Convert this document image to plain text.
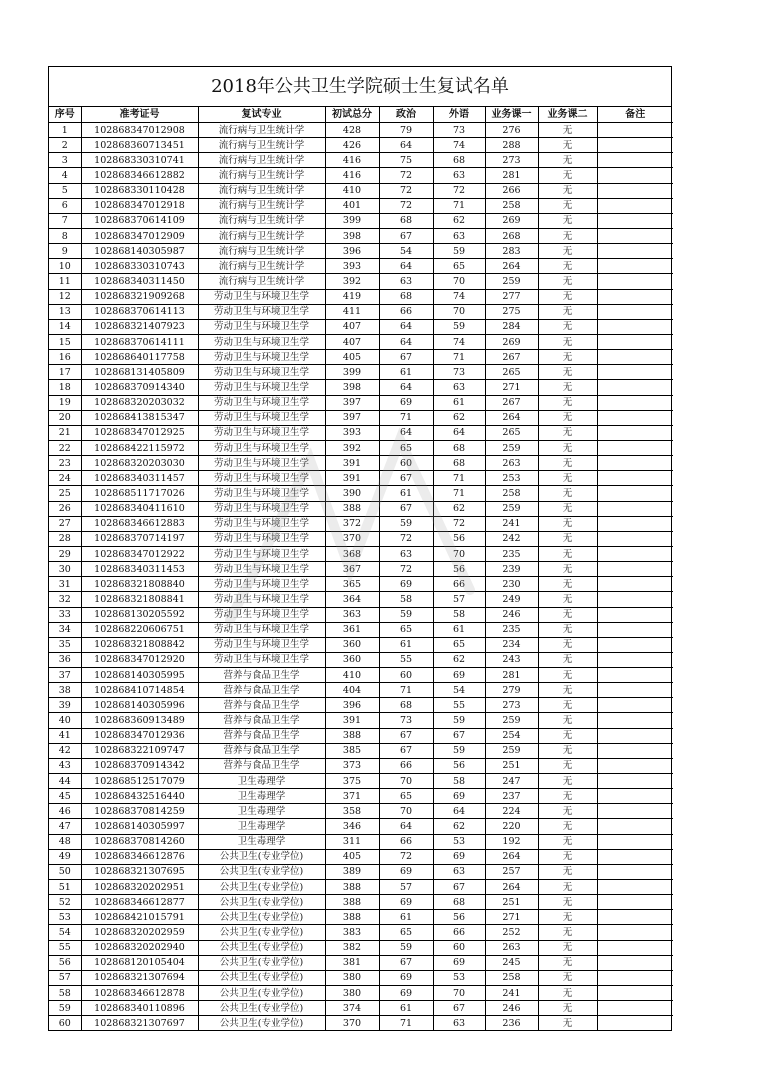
2018年公共卫生学院硕士生复试名单
序号	准考证号	复试专业	初试总分	政治	外语	业务课一	业务课二	备注
1	102868347012908	流行病与卫生统计学	428	79	73	276	无	
2	102868360713451	流行病与卫生统计学	426	64	74	288	无	
3	102868330310741	流行病与卫生统计学	416	75	68	273	无	
4	102868346612882	流行病与卫生统计学	416	72	63	281	无	
5	102868330110428	流行病与卫生统计学	410	72	72	266	无	
6	102868347012918	流行病与卫生统计学	401	72	71	258	无	
7	102868370614109	流行病与卫生统计学	399	68	62	269	无	
8	102868347012909	流行病与卫生统计学	398	67	63	268	无	
9	102868140305987	流行病与卫生统计学	396	54	59	283	无	
10	102868330310743	流行病与卫生统计学	393	64	65	264	无	
11	102868340311450	流行病与卫生统计学	392	63	70	259	无	
12	102868321909268	劳动卫生与环境卫生学	419	68	74	277	无	
13	102868370614113	劳动卫生与环境卫生学	411	66	70	275	无	
14	102868321407923	劳动卫生与环境卫生学	407	64	59	284	无	
15	102868370614111	劳动卫生与环境卫生学	407	64	74	269	无	
16	102868640117758	劳动卫生与环境卫生学	405	67	71	267	无	
17	102868131405809	劳动卫生与环境卫生学	399	61	73	265	无	
18	102868370914340	劳动卫生与环境卫生学	398	64	63	271	无	
19	102868320203032	劳动卫生与环境卫生学	397	69	61	267	无	
20	102868413815347	劳动卫生与环境卫生学	397	71	62	264	无	
21	102868347012925	劳动卫生与环境卫生学	393	64	64	265	无	
22	102868422115972	劳动卫生与环境卫生学	392	65	68	259	无	
23	102868320203030	劳动卫生与环境卫生学	391	60	68	263	无	
24	102868340311457	劳动卫生与环境卫生学	391	67	71	253	无	
25	102868511717026	劳动卫生与环境卫生学	390	61	71	258	无	
26	102868340411610	劳动卫生与环境卫生学	388	67	62	259	无	
27	102868346612883	劳动卫生与环境卫生学	372	59	72	241	无	
28	102868370714197	劳动卫生与环境卫生学	370	72	56	242	无	
29	102868347012922	劳动卫生与环境卫生学	368	63	70	235	无	
30	102868340311453	劳动卫生与环境卫生学	367	72	56	239	无	
31	102868321808840	劳动卫生与环境卫生学	365	69	66	230	无	
32	102868321808841	劳动卫生与环境卫生学	364	58	57	249	无	
33	102868130205592	劳动卫生与环境卫生学	363	59	58	246	无	
34	102868220606751	劳动卫生与环境卫生学	361	65	61	235	无	
35	102868321808842	劳动卫生与环境卫生学	360	61	65	234	无	
36	102868347012920	劳动卫生与环境卫生学	360	55	62	243	无	
37	102868140305995	营养与食品卫生学	410	60	69	281	无	
38	102868410714854	营养与食品卫生学	404	71	54	279	无	
39	102868140305996	营养与食品卫生学	396	68	55	273	无	
40	102868360913489	营养与食品卫生学	391	73	59	259	无	
41	102868347012936	营养与食品卫生学	388	67	67	254	无	
42	102868322109747	营养与食品卫生学	385	67	59	259	无	
43	102868370914342	营养与食品卫生学	373	66	56	251	无	
44	102868512517079	卫生毒理学	375	70	58	247	无	
45	102868432516440	卫生毒理学	371	65	69	237	无	
46	102868370814259	卫生毒理学	358	70	64	224	无	
47	102868140305997	卫生毒理学	346	64	62	220	无	
48	102868370814260	卫生毒理学	311	66	53	192	无	
49	102868346612876	公共卫生(专业学位)	405	72	69	264	无	
50	102868321307695	公共卫生(专业学位)	389	69	63	257	无	
51	102868320202951	公共卫生(专业学位)	388	57	67	264	无	
52	102868346612877	公共卫生(专业学位)	388	69	68	251	无	
53	102868421015791	公共卫生(专业学位)	388	61	56	271	无	
54	102868320202959	公共卫生(专业学位)	383	65	66	252	无	
55	102868320202940	公共卫生(专业学位)	382	59	60	263	无	
56	102868120105404	公共卫生(专业学位)	381	67	69	245	无	
57	102868321307694	公共卫生(专业学位)	380	69	53	258	无	
58	102868346612878	公共卫生(专业学位)	380	69	70	241	无	
59	102868340110896	公共卫生(专业学位)	374	61	67	246	无	
60	102868321307697	公共卫生(专业学位)	370	71	63	236	无	
